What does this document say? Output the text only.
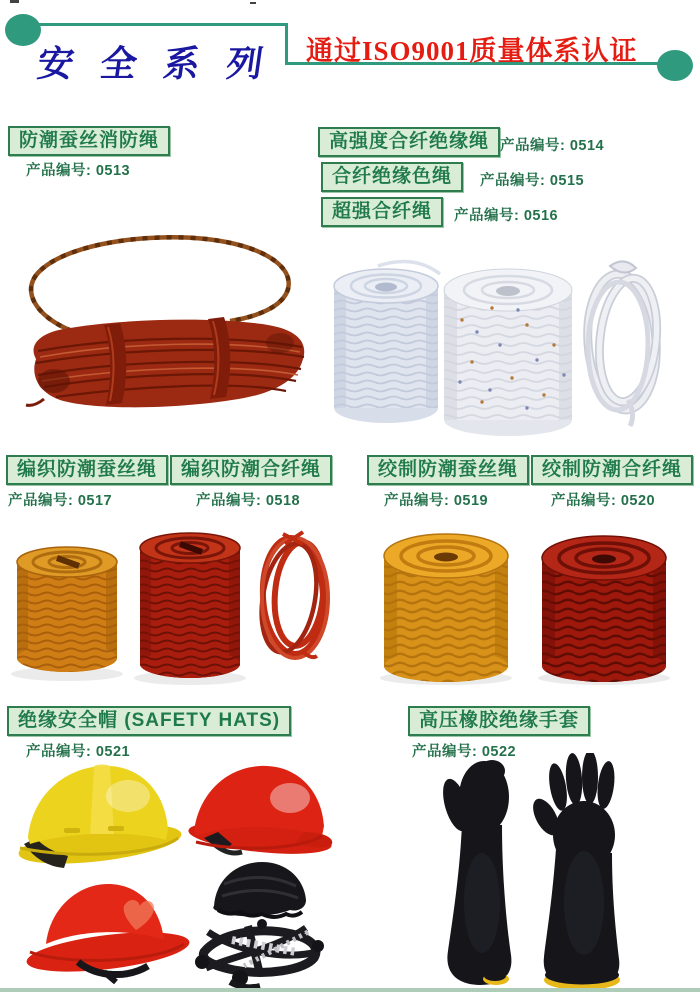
安全系列 通过ISO9001质量体系认证
防潮蚕丝消防绳
产品编号: 0513
高强度合纤绝缘绳 产品编号: 0514
合纤绝缘色绳	产品编号: 0515
超强合纤绳	产品编号: 0516
编织防潮蚕丝绳
产品编号: 0517
编织防潮合纤绳
产品编号: 0518
绞制防潮蚕丝绳
产品编号: 0519
绞制防潮合纤绳
产品编号: 0520
绝缘安全帽 (SAFETY HATS)
产品编号: 0521
高压橡胶绝缘手套
产品编号: 0522
